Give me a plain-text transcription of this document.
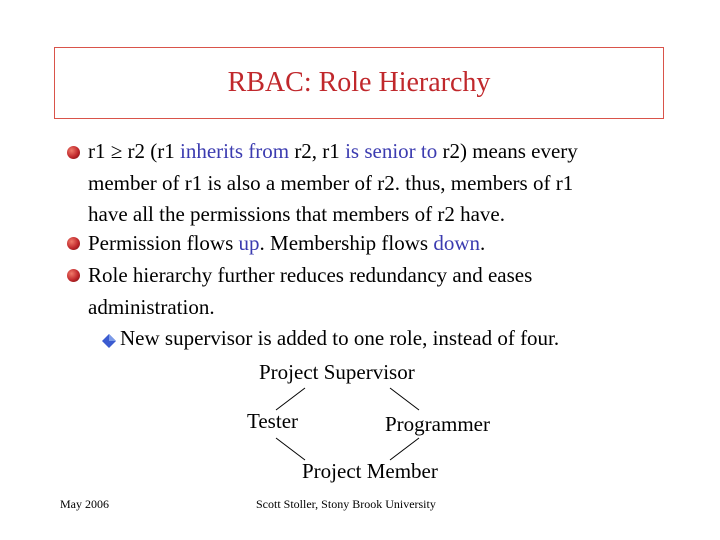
RBAC: Role Hierarchy
r1 ≥ r2 (r1 inherits from r2, r1 is senior to r2) means every
member of r1 is also a member of r2. thus, members of r1
have all the permissions that members of r2 have.
Permission flows up. Membership flows down.
Role hierarchy further reduces redundancy and eases
administration.
New supervisor is added to one role, instead of four.
Project Supervisor
Tester	Programmer
Project Member
May 2006	Scott Stoller, Stony Brook University
